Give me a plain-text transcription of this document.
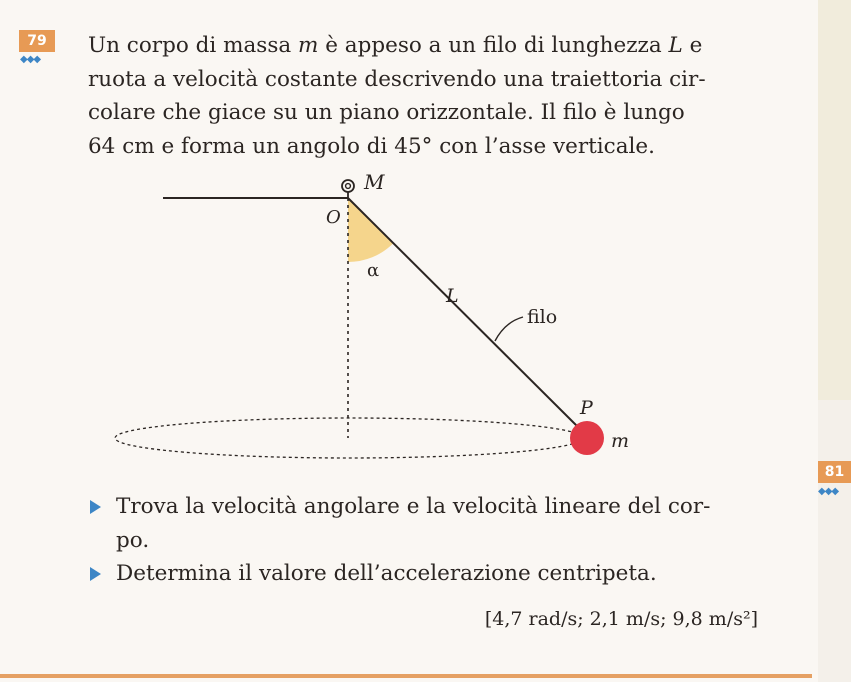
79
◆◆◆
Un corpo di massa m è appeso a un filo di lunghezza L e
ruota a velocità costante descrivendo una traiettoria cir-
colare che giace su un piano orizzontale. Il filo è lungo
64 cm e forma un angolo di 45° con l’asse verticale.
M
O
α
L
filo
P
m
Trova la velocità angolare e la velocità lineare del cor-
po.
Determina il valore dell’accelerazione centripeta.
[4,7 rad/s; 2,1 m/s; 9,8 m/s²]
81
◆◆◆
